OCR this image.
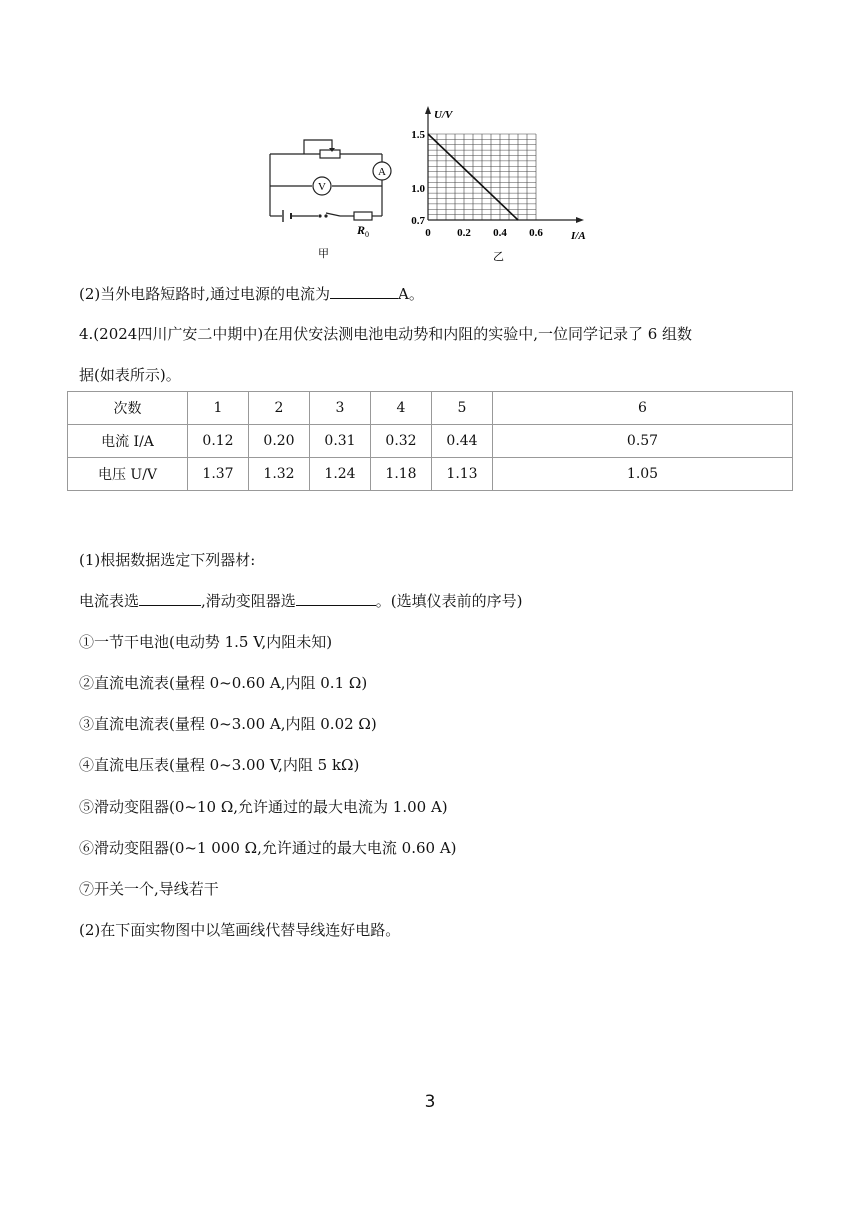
A
V
R 0
甲
0 0.2 0.4 0.6
0.7
1.0
1.5
U/V
I/A
乙
(2)当外电路短路时,通过电源的电流为	A。
4.(2024四川广安二中期中)在用伏安法测电池电动势和内阻的实验中,一位同学记录了 6 组数
据(如表所示)。
次数	1	2	3	4	5	6
电流 I/A	0.12	0.20	0.31	0.32	0.44	0.57
电压 U/V	1.37	1.32	1.24	1.18	1.13	1.05
(1)根据数据选定下列器材:
电流表选	,滑动变阻器选	。(选填仪表前的序号)
①一节干电池(电动势 1.5 V,内阻未知)
②直流电流表(量程 0~0.60 A,内阻 0.1 Ω)
③直流电流表(量程 0~3.00 A,内阻 0.02 Ω)
④直流电压表(量程 0~3.00 V,内阻 5 kΩ)
⑤滑动变阻器(0~10 Ω,允许通过的最大电流为 1.00 A)
⑥滑动变阻器(0~1 000 Ω,允许通过的最大电流 0.60 A)
⑦开关一个,导线若干
(2)在下面实物图中以笔画线代替导线连好电路。
3
